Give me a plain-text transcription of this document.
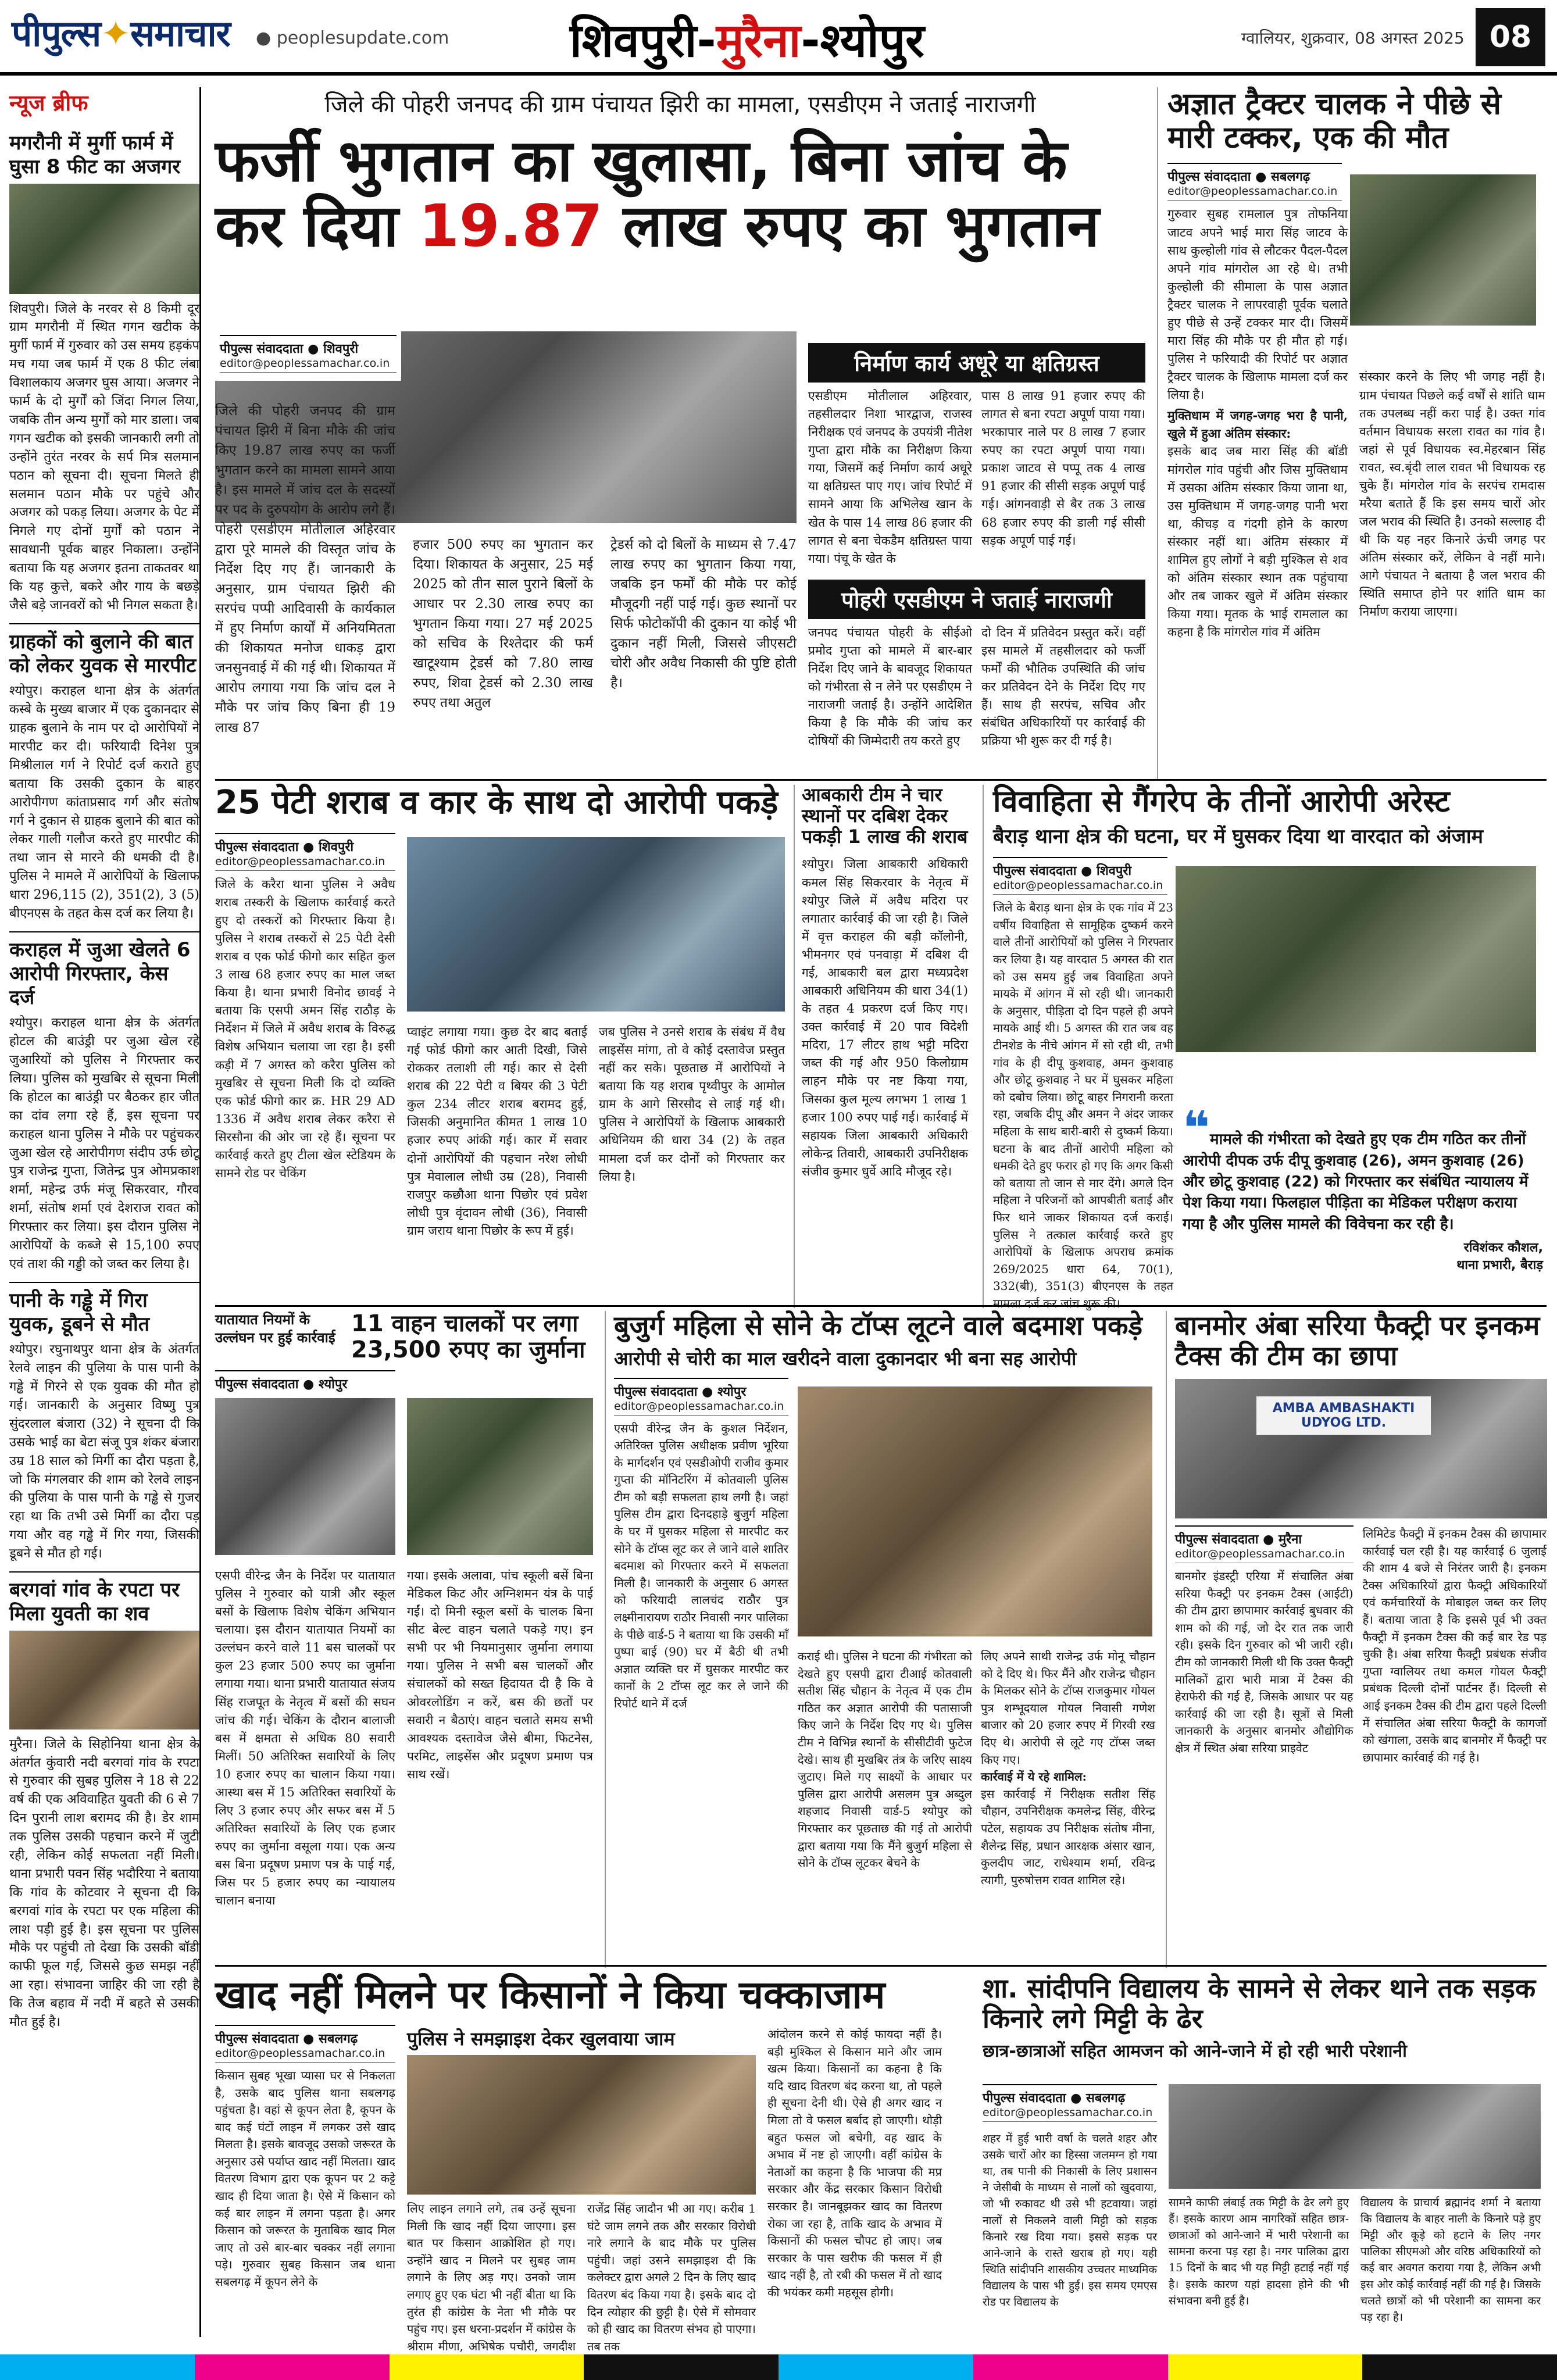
पीपुल्स✦समाचार ● peoplesupdate.com	शिवपुरी-मुरैना-श्योपुर	ग्वालियर, शुक्रवार, 08 अगस्त 2025 08
न्यूज ब्रीफ
मगरौनी में मुर्गी फार्म में घुसा 8 फीट का अजगर
शिवपुरी। जिले के नरवर से 8 किमी दूर ग्राम मगरौनी में स्थित गगन खटीक के मुर्गी फार्म में गुरुवार को उस समय हड़कंप मच गया जब फार्म में एक 8 फीट लंबा विशालकाय अजगर घुस आया। अजगर ने फार्म के दो मुर्गों को जिंदा निगल लिया, जबकि तीन अन्य मुर्गों को मार डाला। जब गगन खटीक को इसकी जानकारी लगी तो उन्होंने तुरंत नरवर के सर्प मित्र सलमान पठान को सूचना दी। सूचना मिलते ही सलमान पठान मौके पर पहुंचे और अजगर को पकड़ लिया। अजगर के पेट में निगले गए दोनों मुर्गों को पठान ने सावधानी पूर्वक बाहर निकाला। उन्होंने बताया कि यह अजगर इतना ताकतवर था कि यह कुत्ते, बकरे और गाय के बछड़े जैसे बड़े जानवरों को भी निगल सकता है।
ग्राहकों को बुलाने की बात को लेकर युवक से मारपीट
श्योपुर। कराहल थाना क्षेत्र के अंतर्गत कस्बे के मुख्य बाजार में एक दुकानदार से ग्राहक बुलाने के नाम पर दो आरोपियों ने मारपीट कर दी। फरियादी दिनेश पुत्र मिश्रीलाल गर्ग ने रिपोर्ट दर्ज कराते हुए बताया कि उसकी दुकान के बाहर आरोपीगण कांताप्रसाद गर्ग और संतोष गर्ग ने दुकान से ग्राहक बुलाने की बात को लेकर गाली गलौज करते हुए मारपीट की तथा जान से मारने की धमकी दी है। पुलिस ने मामले में आरोपियों के खिलाफ धारा 296,115 (2), 351(2), 3 (5) बीएनएस के तहत केस दर्ज कर लिया है।
कराहल में जुआ खेलते 6 आरोपी गिरफ्तार, केस दर्ज
श्योपुर। कराहल थाना क्षेत्र के अंतर्गत होटल की बाउंड्री पर जुआ खेल रहे जुआरियों को पुलिस ने गिरफ्तार कर लिया। पुलिस को मुखबिर से सूचना मिली कि होटल का बाउंड्री पर बैठकर हार जीत का दांव लगा रहे हैं, इस सूचना पर कराहल थाना पुलिस ने मौके पर पहुंचकर जुआ खेल रहे आरोपीगण संदीप उर्फ छोटू पुत्र राजेन्द्र गुप्ता, जितेन्द्र पुत्र ओमप्रकाश शर्मा, महेन्द्र उर्फ मंजू सिकरवार, गौरव शर्मा, संतोष शर्मा एवं देशराज रावत को गिरफ्तार कर लिया। इस दौरान पुलिस ने आरोपियों के कब्जे से 15,100 रुपए एवं ताश की गड्डी को जब्त कर लिया है।
पानी के गड्ढे में गिरा युवक, डूबने से मौत
श्योपुर। रघुनाथपुर थाना क्षेत्र के अंतर्गत रेलवे लाइन की पुलिया के पास पानी के गड्ढे में गिरने से एक युवक की मौत हो गई। जानकारी के अनुसार विष्णु पुत्र सुंदरलाल बंजारा (32) ने सूचना दी कि उसके भाई का बेटा संजू पुत्र शंकर बंजारा उम्र 18 साल को मिर्गी का दौरा पड़ता है, जो कि मंगलवार की शाम को रेलवे लाइन की पुलिया के पास पानी के गड्ढे से गुजर रहा था कि तभी उसे मिर्गी का दौरा पड़ गया और वह गड्ढे में गिर गया, जिसकी डूबने से मौत हो गई।
बरगवां गांव के रपटा पर मिला युवती का शव
मुरैना। जिले के सिहोनिया थाना क्षेत्र के अंतर्गत कुंवारी नदी बरगवां गांव के रपटा से गुरुवार की सुबह पुलिस ने 18 से 22 वर्ष की एक अविवाहित युवती की 6 से 7 दिन पुरानी लाश बरामद की है। डेर शाम तक पुलिस उसकी पहचान करने में जुटी रही, लेकिन कोई सफलता नहीं मिली। थाना प्रभारी पवन सिंह भदौरिया ने बताया कि गांव के कोटवार ने सूचना दी कि बरगवां गांव के रपटा पर एक महिला की लाश पड़ी हुई है। इस सूचना पर पुलिस मौके पर पहुंची तो देखा कि उसकी बॉडी काफी फूल गई, जिससे कुछ समझ नहीं आ रहा। संभावना जाहिर की जा रही है कि तेज बहाव में नदी में बहते से उसकी मौत हुई है।
जिले की पोहरी जनपद की ग्राम पंचायत झिरी का मामला, एसडीएम ने जताई नाराजगी
फर्जी भुगतान का खुलासा, बिना जांच के
कर दिया 19.87 लाख रुपए का भुगतान
पीपुल्स संवाददाता ● शिवपुरी
editor@peoplessamachar.co.in
जिले की पोहरी जनपद की ग्राम पंचायत झिरी में बिना मौके की जांच किए 19.87 लाख रुपए का फर्जी भुगतान करने का मामला सामने आया है। इस मामले में जांच दल के सदस्यों पर पद के दुरुपयोग के आरोप लगे हैं। पोहरी एसडीएम मोतीलाल अहिरवार द्वारा पूरे मामले की विस्तृत जांच के निर्देश दिए गए हैं। जानकारी के अनुसार, ग्राम पंचायत झिरी की सरपंच पप्पी आदिवासी के कार्यकाल में हुए निर्माण कार्यों में अनियमितता की शिकायत मनोज धाकड़ द्वारा जनसुनवाई में की गई थी। शिकायत में आरोप लगाया गया कि जांच दल ने मौके पर जांच किए बिना ही 19 लाख 87
हजार 500 रुपए का भुगतान कर दिया। शिकायत के अनुसार, 25 मई 2025 को तीन साल पुराने बिलों के आधार पर 2.30 लाख रुपए का भुगतान किया गया। 27 मई 2025 को सचिव के रिश्तेदार की फर्म खाटूश्याम ट्रेडर्स को 7.80 लाख रुपए, शिवा ट्रेडर्स को 2.30 लाख रुपए तथा अतुल
ट्रेडर्स को दो बिलों के माध्यम से 7.47 लाख रुपए का भुगतान किया गया, जबकि इन फर्मों की मौके पर कोई मौजूदगी नहीं पाई गई। कुछ स्थानों पर सिर्फ फोटोकॉपी की दुकान या कोई भी दुकान नहीं मिली, जिससे जीएसटी चोरी और अवैध निकासी की पुष्टि होती है।
निर्माण कार्य अधूरे या क्षतिग्रस्त
एसडीएम मोतीलाल अहिरवार, तहसीलदार निशा भारद्वाज, राजस्व निरीक्षक एवं जनपद के उपयंत्री नीतेश गुप्ता द्वारा मौके का निरीक्षण किया गया, जिसमें कई निर्माण कार्य अधूरे या क्षतिग्रस्त पाए गए। जांच रिपोर्ट में सामने आया कि अभिलेख खान के खेत के पास 14 लाख 86 हजार की लागत से बना चेकडैम क्षतिग्रस्त पाया गया। पंचू के खेत के
पास 8 लाख 91 हजार रुपए की लागत से बना रपटा अपूर्ण पाया गया। भरकापार नाले पर 8 लाख 7 हजार रुपए का रपटा अपूर्ण पाया गया। प्रकाश जाटव से पप्पू तक 4 लाख 91 हजार की सीसी सड़क अपूर्ण पाई गई। आंगनवाड़ी से बैर तक 3 लाख 68 हजार रुपए की डाली गई सीसी सड़क अपूर्ण पाई गई।
पोहरी एसडीएम ने जताई नाराजगी
जनपद पंचायत पोहरी के सीईओ प्रमोद गुप्ता को मामले में बार-बार निर्देश दिए जाने के बावजूद शिकायत को गंभीरता से न लेने पर एसडीएम ने नाराजगी जताई है। उन्होंने आदेशित किया है कि मौके की जांच कर दोषियों की जिम्मेदारी तय करते हुए
दो दिन में प्रतिवेदन प्रस्तुत करें। वहीं इस मामले में तहसीलदार को फर्जी फर्मों की भौतिक उपस्थिति की जांच कर प्रतिवेदन देने के निर्देश दिए गए हैं। साथ ही सरपंच, सचिव और संबंधित अधिकारियों पर कार्रवाई की प्रक्रिया भी शुरू कर दी गई है।
अज्ञात ट्रैक्टर चालक ने पीछे से मारी टक्कर, एक की मौत
पीपुल्स संवाददाता ● सबलगढ़
editor@peoplessamachar.co.in
गुरुवार सुबह रामलाल पुत्र तोफनिया जाटव अपने भाई मारा सिंह जाटव के साथ कुल्होली गांव से लौटकर पैदल-पैदल अपने गांव मांगरोल आ रहे थे। तभी कुल्होली की सीमाला के पास अज्ञात ट्रैक्टर चालक ने लापरवाही पूर्वक चलाते हुए पीछे से उन्हें टक्कर मार दी। जिसमें मारा सिंह की मौके पर ही मौत हो गई। पुलिस ने फरियादी की रिपोर्ट पर अज्ञात ट्रैक्टर चालक के खिलाफ मामला दर्ज कर लिया है।
मुक्तिधाम में जगह-जगह भरा है पानी, खुले में हुआ अंतिम संस्कार:
इसके बाद जब मारा सिंह की बॉडी मांगरोल गांव पहुंची और जिस मुक्तिधाम में उसका अंतिम संस्कार किया जाना था, उस मुक्तिधाम में जगह-जगह पानी भरा था, कीचड़ व गंदगी होने के कारण संस्कार नहीं था। अंतिम संस्कार में शामिल हुए लोगों ने बड़ी मुश्किल से शव को अंतिम संस्कार स्थान तक पहुंचाया और तब जाकर खुले में अंतिम संस्कार किया गया। मृतक के भाई रामलाल का कहना है कि मांगरोल गांव में अंतिम
संस्कार करने के लिए भी जगह नहीं है। ग्राम पंचायत पिछले कई वर्षों से शांति धाम तक उपलब्ध नहीं करा पाई है। उक्त गांव वर्तमान विधायक सरला रावत का गांव है। जहां से पूर्व विधायक स्व.मेहरबान सिंह रावत, स्व.बृंदी लाल रावत भी विधायक रह चुके हैं। मांगरोल गांव के सरपंच रामदास मरैया बताते हैं कि इस समय चारों ओर जल भराव की स्थिति है। उनको सल्लाह दी थी कि यह नहर किनारे ऊंची जगह पर अंतिम संस्कार करें, लेकिन वे नहीं माने। आगे पंचायत ने बताया है जल भराव की स्थिति समाप्त होने पर शांति धाम का निर्माण कराया जाएगा।
25 पेटी शराब व कार के साथ दो आरोपी पकड़े
पीपुल्स संवाददाता ● शिवपुरी
editor@peoplessamachar.co.in
जिले के करैरा थाना पुलिस ने अवैध शराब तस्करी के खिलाफ कार्रवाई करते हुए दो तस्करों को गिरफ्तार किया है। पुलिस ने शराब तस्करों से 25 पेटी देसी शराब व एक फोर्ड फीगो कार सहित कुल 3 लाख 68 हजार रुपए का माल जब्त किया है। थाना प्रभारी विनोद छावई ने बताया कि एसपी अमन सिंह राठौड़ के निर्देशन में जिले में अवैध शराब के विरुद्ध विशेष अभियान चलाया जा रहा है। इसी कड़ी में 7 अगस्त को करैरा पुलिस को मुखबिर से सूचना मिली कि दो व्यक्ति एक फोर्ड फीगो कार क्र. HR 29 AD 1336 में अवैध शराब लेकर करैरा से सिरसौना की ओर जा रहे हैं। सूचना पर कार्रवाई करते हुए टीला खेल स्टेडियम के सामने रोड पर चेकिंग
प्वाइंट लगाया गया। कुछ देर बाद बताई गई फोर्ड फीगो कार आती दिखी, जिसे रोककर तलाशी ली गई। कार से देसी शराब की 22 पेटी व बियर की 3 पेटी कुल 234 लीटर शराब बरामद हुई, जिसकी अनुमानित कीमत 1 लाख 10 हजार रुपए आंकी गई। कार में सवार दोनों आरोपियों की पहचान नरेश लोधी पुत्र मेवालाल लोधी उम्र (28), निवासी राजपुर कछौआ थाना पिछोर एवं प्रवेश लोधी पुत्र वृंदावन लोधी (36), निवासी ग्राम जराय थाना पिछोर के रूप में हुई।
जब पुलिस ने उनसे शराब के संबंध में वैध लाइसेंस मांगा, तो वे कोई दस्तावेज प्रस्तुत नहीं कर सके। पूछताछ में आरोपियों ने बताया कि यह शराब पृथ्वीपुर के आमोल ग्राम के आगे सिरसौद से लाई गई थी। पुलिस ने आरोपियों के खिलाफ आबकारी अधिनियम की धारा 34 (2) के तहत मामला दर्ज कर दोनों को गिरफ्तार कर लिया है।
आबकारी टीम ने चार स्थानों पर दबिश देकर पकड़ी 1 लाख की शराब
श्योपुर। जिला आबकारी अधिकारी कमल सिंह सिकरवार के नेतृत्व में श्योपुर जिले में अवैध मदिरा पर लगातार कार्रवाई की जा रही है। जिले में वृत्त कराहल की बड़ी कॉलोनी, भीमनगर एवं पनवाड़ा में दबिश दी गई, आबकारी बल द्वारा मध्यप्रदेश आबकारी अधिनियम की धारा 34(1) के तहत 4 प्रकरण दर्ज किए गए। उक्त कार्रवाई में 20 पाव विदेशी मदिरा, 17 लीटर हाथ भट्टी मदिरा जब्त की गई और 950 किलोग्राम लाहन मौके पर नष्ट किया गया, जिसका कुल मूल्य लगभग 1 लाख 1 हजार 100 रुपए पाई गई। कार्रवाई में सहायक जिला आबकारी अधिकारी लोकेन्द्र तिवारी, आबकारी उपनिरीक्षक संजीव कुमार धुर्वे आदि मौजूद रहे।
विवाहिता से गैंगरेप के तीनों आरोपी अरेस्ट
बैराड़ थाना क्षेत्र की घटना, घर में घुसकर दिया था वारदात को अंजाम
पीपुल्स संवाददाता ● शिवपुरी
editor@peoplessamachar.co.in
जिले के बैराड़ थाना क्षेत्र के एक गांव में 23 वर्षीय विवाहिता से सामूहिक दुष्कर्म करने वाले तीनों आरोपियों को पुलिस ने गिरफ्तार कर लिया है। यह वारदात 5 अगस्त की रात को उस समय हुई जब विवाहिता अपने मायके में आंगन में सो रही थी। जानकारी के अनुसार, पीड़िता दो दिन पहले ही अपने मायके आई थी। 5 अगस्त की रात जब वह टीनशेड के नीचे आंगन में सो रही थी, तभी गांव के ही दीपू कुशवाह, अमन कुशवाह और छोटू कुशवाह ने घर में घुसकर महिला को दबोच लिया। छोटू बाहर निगरानी करता रहा, जबकि दीपू और अमन ने अंदर जाकर महिला के साथ बारी-बारी से दुष्कर्म किया। घटना के बाद तीनों आरोपी महिला को धमकी देते हुए फरार हो गए कि अगर किसी को बताया तो जान से मार देंगे। अगले दिन महिला ने परिजनों को आपबीती बताई और फिर थाने जाकर शिकायत दर्ज कराई। पुलिस ने तत्काल कार्रवाई करते हुए आरोपियों के खिलाफ अपराध क्रमांक 269/2025 धारा 64, 70(1), 332(बी), 351(3) बीएनएस के तहत मामला दर्ज कर जांच शुरू की।
❝मामले की गंभीरता को देखते हुए एक टीम गठित कर तीनों आरोपी दीपक उर्फ दीपू कुशवाह (26), अमन कुशवाह (26) और छोटू कुशवाह (22) को गिरफ्तार कर संबंधित न्यायालय में पेश किया गया। फिलहाल पीड़िता का मेडिकल परीक्षण कराया गया है और पुलिस मामले की विवेचना कर रही है।
रविशंकर कौशल,
थाना प्रभारी, बैराड़
यातायात नियमों के उल्लंघन पर हुई कार्रवाई
11 वाहन चालकों पर लगा 23,500 रुपए का जुर्माना
पीपुल्स संवाददाता ● श्योपुर
एसपी वीरेन्द्र जैन के निर्देश पर यातायात पुलिस ने गुरुवार को यात्री और स्कूल बसों के खिलाफ विशेष चेकिंग अभियान चलाया। इस दौरान यातायात नियमों का उल्लंघन करने वाले 11 बस चालकों पर कुल 23 हजार 500 रुपए का जुर्माना लगाया गया। थाना प्रभारी यातायात संजय सिंह राजपूत के नेतृत्व में बसों की सघन जांच की गई। चेकिंग के दौरान बालाजी बस में क्षमता से अधिक 80 सवारी मिलीं। 50 अतिरिक्त सवारियों के लिए 10 हजार रुपए का चालान किया गया। आस्था बस में 15 अतिरिक्त सवारियों के लिए 3 हजार रुपए और सफर बस में 5 अतिरिक्त सवारियों के लिए एक हजार रुपए का जुर्माना वसूला गया। एक अन्य बस बिना प्रदूषण प्रमाण पत्र के पाई गई, जिस पर 5 हजार रुपए का न्यायालय चालान बनाया
गया। इसके अलावा, पांच स्कूली बसें बिना मेडिकल किट और अग्निशमन यंत्र के पाई गईं। दो मिनी स्कूल बसों के चालक बिना सीट बेल्ट वाहन चलाते पकड़े गए। इन सभी पर भी नियमानुसार जुर्माना लगाया गया। पुलिस ने सभी बस चालकों और संचालकों को सख्त हिदायत दी है कि वे ओवरलोडिंग न करें, बस की छतों पर सवारी न बैठाएं। वाहन चलाते समय सभी आवश्यक दस्तावेज जैसे बीमा, फिटनेस, परमिट, लाइसेंस और प्रदूषण प्रमाण पत्र साथ रखें।
बुजुर्ग महिला से सोने के टॉप्स लूटने वाले बदमाश पकड़े
आरोपी से चोरी का माल खरीदने वाला दुकानदार भी बना सह आरोपी
पीपुल्स संवाददाता ● श्योपुर
editor@peoplessamachar.co.in
एसपी वीरेन्द्र जैन के कुशल निर्देशन, अतिरिक्त पुलिस अधीक्षक प्रवीण भूरिया के मार्गदर्शन एवं एसडीओपी राजीव कुमार गुप्ता की मॉनिटरिंग में कोतवाली पुलिस टीम को बड़ी सफलता हाथ लगी है। जहां पुलिस टीम द्वारा दिनदहाड़े बुजुर्ग महिला के घर में घुसकर महिला से मारपीट कर सोने के टॉप्स लूट कर ले जाने वाले शातिर बदमाश को गिरफ्तार करने में सफलता मिली है। जानकारी के अनुसार 6 अगस्त को फरियादी लालचंद राठौर पुत्र लक्ष्मीनारायण राठौर निवासी नगर पालिका के पीछे वार्ड-5 ने बताया था कि उसकी माँ पुष्पा बाई (90) घर में बैठी थी तभी अज्ञात व्यक्ति घर में घुसकर मारपीट कर कानों के 2 टॉप्स लूट कर ले जाने की रिपोर्ट थाने में दर्ज
कराई थी। पुलिस ने घटना की गंभीरता को देखते हुए एसपी द्वारा टीआई कोतवाली सतीश सिंह चौहान के नेतृत्व में एक टीम गठित कर अज्ञात आरोपी की पतासाजी किए जाने के निर्देश दिए गए थे। पुलिस टीम ने विभिन्न स्थानों के सीसीटीवी फुटेज देखे। साथ ही मुखबिर तंत्र के जरिए साक्ष्य जुटाए। मिले गए साक्ष्यों के आधार पर पुलिस द्वारा आरोपी असलम पुत्र अब्दुल शहजाद निवासी वार्ड-5 श्योपुर को गिरफ्तार कर पूछताछ की गई तो आरोपी द्वारा बताया गया कि मैंने बुजुर्ग महिला से सोने के टॉप्स लूटकर बेचने के
लिए अपने साथी राजेन्द्र उर्फ मोनू चौहान को दे दिए थे। फिर मैंने और राजेन्द्र चौहान के मिलकर सोने के टॉप्स राजकुमार गोयल पुत्र शम्भूदयाल गोयल निवासी गणेश बाजार को 20 हजार रुपए में गिरवी रख दिए थे। आरोपी से लूटे गए टॉप्स जब्त किए गए।
कार्रवाई में ये रहे शामिल:
इस कार्रवाई में निरीक्षक सतीश सिंह चौहान, उपनिरीक्षक कमलेन्द्र सिंह, वीरेन्द्र पटेल, सहायक उप निरीक्षक संतोष मीना, शैलेन्द्र सिंह, प्रधान आरक्षक अंसार खान, कुलदीप जाट, राधेश्याम शर्मा, रविन्द्र त्यागी, पुरुषोत्तम रावत शामिल रहे।
बानमोर अंबा सरिया फैक्ट्री पर इनकम टैक्स की टीम का छापा
AMBA AMBASHAKTI UDYOG LTD.
पीपुल्स संवाददाता ● मुरैना
editor@peoplessamachar.co.in
बानमोर इंडस्ट्री एरिया में संचालित अंबा सरिया फैक्ट्री पर इनकम टैक्स (आईटी) की टीम द्वारा छापामार कार्रवाई बुधवार की शाम को की गई, जो देर रात तक जारी रही। इसके दिन गुरुवार को भी जारी रही। टीम को जानकारी मिली थी कि उक्त फैक्ट्री मालिकों द्वारा भारी मात्रा में टैक्स की हेराफेरी की गई है, जिसके आधार पर यह कार्रवाई की जा रही है। सूत्रों से मिली जानकारी के अनुसार बानमोर औद्योगिक क्षेत्र में स्थित अंबा सरिया प्राइवेट
लिमिटेड फैक्ट्री में इनकम टैक्स की छापामार कार्रवाई चल रही है। यह कार्रवाई 6 जुलाई की शाम 4 बजे से निरंतर जारी है। इनकम टैक्स अधिकारियों द्वारा फैक्ट्री अधिकारियों एवं कर्मचारियों के मोबाइल जब्त कर लिए हैं। बताया जाता है कि इससे पूर्व भी उक्त फैक्ट्री में इनकम टैक्स की कई बार रेड पड़ चुकी है। अंबा सरिया फैक्ट्री प्रबंधक संजीव गुप्ता ग्वालियर तथा कमल गोयल फैक्ट्री प्रबंधक दिल्ली दोनों पार्टनर हैं। दिल्ली से आई इनकम टैक्स की टीम द्वारा पहले दिल्ली में संचालित अंबा सरिया फैक्ट्री के कागजों को खंगाला, उसके बाद बानमोर में फैक्ट्री पर छापामार कार्रवाई की गई है।
खाद नहीं मिलने पर किसानों ने किया चक्काजाम
पीपुल्स संवाददाता ● सबलगढ़
editor@peoplessamachar.co.in
किसान सुबह भूखा प्यासा घर से निकलता है, उसके बाद पुलिस थाना सबलगढ़ पहुंचता है। वहां से कूपन लेता है, कूपन के बाद कई घंटों लाइन में लगकर उसे खाद मिलता है। इसके बावजूद उसको जरूरत के अनुसार उसे पर्याप्त खाद नहीं मिलता। खाद वितरण विभाग द्वारा एक कूपन पर 2 कट्टे खाद ही दिया जाता है। ऐसे में किसान को कई बार लाइन में लगना पड़ता है। अगर किसान को जरूरत के मुताबिक खाद मिल जाए तो उसे बार-बार चक्कर नहीं लगाना पड़े। गुरुवार सुबह किसान जब थाना सबलगढ़ में कूपन लेने के
पुलिस ने समझाइश देकर खुलवाया जाम
लिए लाइन लगाने लगे, तब उन्हें सूचना मिली कि खाद नहीं दिया जाएगा। इस बात पर किसान आक्रोशित हो गए। उन्होंने खाद न मिलने पर सुबह जाम लगाने के लिए अड़ गए। उनको जाम लगाए हुए एक घंटा भी नहीं बीता था कि तुरंत ही कांग्रेस के नेता भी मौके पर पहुंच गए। इस धरना-प्रदर्शन में कांग्रेस के श्रीराम मीणा, अभिषेक पचौरी, जगदीश
राजेंद्र सिंह जादौन भी आ गए। करीब 1 घंटे जाम लगने तक और सरकार विरोधी नारे लगाने के बाद मौके पर पुलिस पहुंची। जहां उसने समझाइश दी कि कलेक्टर द्वारा अगले 2 दिन के लिए खाद वितरण बंद किया गया है। इसके बाद दो दिन त्योहार की छुट्टी है। ऐसे में सोमवार को ही खाद का वितरण संभव हो पाएगा। तब तक
आंदोलन करने से कोई फायदा नहीं है। बड़ी मुश्किल से किसान माने और जाम खत्म किया। किसानों का कहना है कि यदि खाद वितरण बंद करना था, तो पहले ही सूचना देनी थी। ऐसे ही अगर खाद न मिला तो वे फसल बर्बाद हो जाएगी। थोड़ी बहुत फसल जो बचेगी, वह खाद के अभाव में नष्ट हो जाएगी। वहीं कांग्रेस के नेताओं का कहना है कि भाजपा की मप्र सरकार और केंद्र सरकार किसान विरोधी सरकार है। जानबूझकर खाद का वितरण रोका जा रहा है, ताकि खाद के अभाव में किसानों की फसल चौपट हो जाए। जब सरकार के पास खरीफ की फसल में ही खाद नहीं है, तो रबी की फसल में तो खाद की भयंकर कमी महसूस होगी।
शा. सांदीपनि विद्यालय के सामने से लेकर थाने तक सड़क किनारे लगे मिट्टी के ढेर
छात्र-छात्राओं सहित आमजन को आने-जाने में हो रही भारी परेशानी
पीपुल्स संवाददाता ● सबलगढ़
editor@peoplessamachar.co.in
शहर में हुई भारी वर्षा के चलते शहर और उसके चारों ओर का हिस्सा जलमग्न हो गया था, तब पानी की निकासी के लिए प्रशासन ने जेसीबी के माध्यम से नालों को खुदवाया, जो भी रुकावट थी उसे भी हटवाया। जहां नालों से निकलने वाली मिट्टी को सड़क किनारे रख दिया गया। इससे सड़क पर आने-जाने के रास्ते खराब हो गए। यही स्थिति सांदीपनि शासकीय उच्चतर माध्यमिक विद्यालय के पास भी हुई। इस समय एमएस रोड पर विद्यालय के
सामने काफी लंबाई तक मिट्टी के ढेर लगे हुए हैं। इसके कारण आम नागरिकों सहित छात्र-छात्राओं को आने-जाने में भारी परेशानी का सामना करना पड़ रहा है। नगर पालिका द्वारा 15 दिनों के बाद भी यह मिट्टी हटाई नहीं गई है। इसके कारण यहां हादसा होने की भी संभावना बनी हुई है।
विद्यालय के प्राचार्य ब्रह्मानंद शर्मा ने बताया कि विद्यालय के बाहर नाली के किनारे पड़े हुए मिट्टी और कूड़े को हटाने के लिए नगर पालिका सीएमओ और वरिष्ठ अधिकारियों को कई बार अवगत कराया गया है, लेकिन अभी इस ओर कोई कार्रवाई नहीं की गई है। जिसके चलते छात्रों को भी परेशानी का सामना कर पड़ रहा है।
